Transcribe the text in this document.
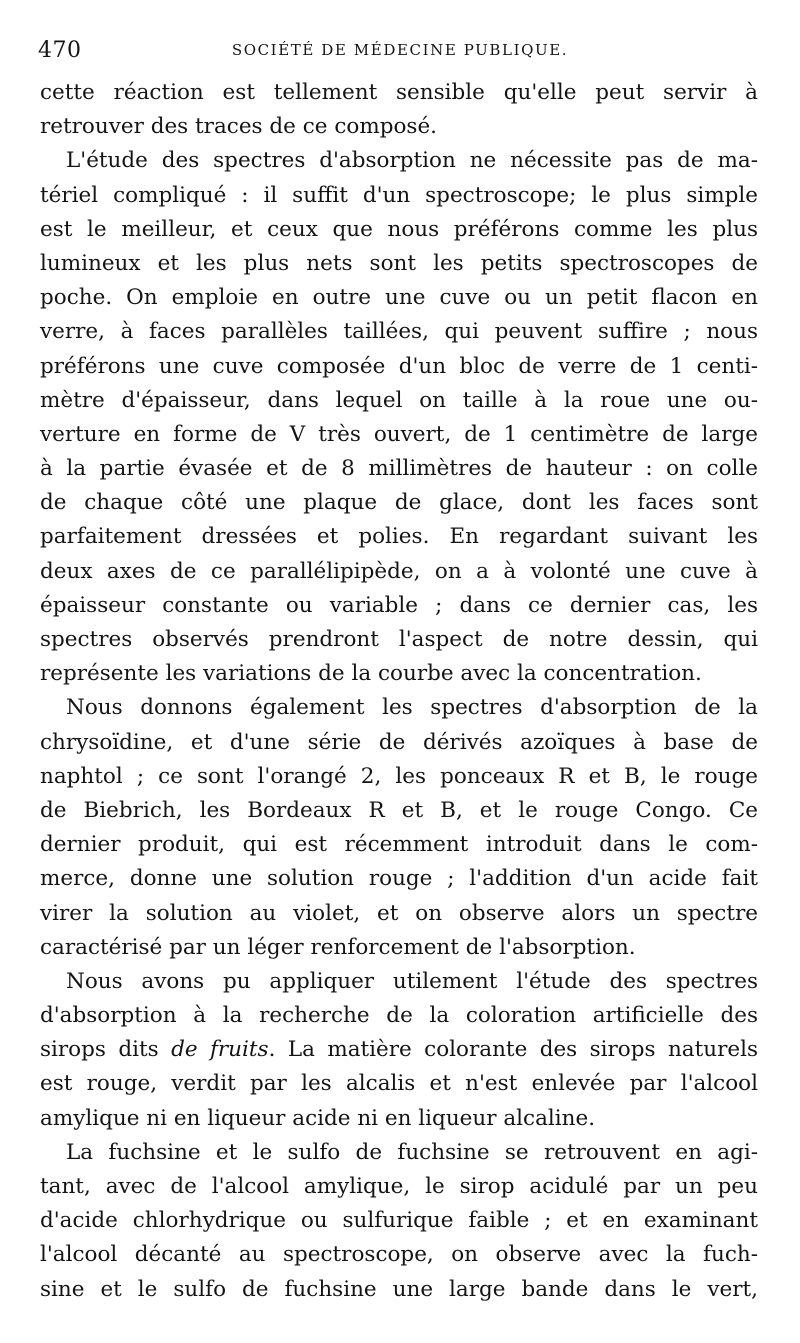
470	SOCIÉTÉ DE MÉDECINE PUBLIQUE.
cette réaction est tellement sensible qu'elle peut servir à
retrouver des traces de ce composé.
L'étude des spectres d'absorption ne nécessite pas de ma-
tériel compliqué : il suffit d'un spectroscope; le plus simple
est le meilleur, et ceux que nous préférons comme les plus
lumineux et les plus nets sont les petits spectroscopes de
poche. On emploie en outre une cuve ou un petit flacon en
verre, à faces parallèles taillées, qui peuvent suffire ; nous
préférons une cuve composée d'un bloc de verre de 1 centi-
mètre d'épaisseur, dans lequel on taille à la roue une ou-
verture en forme de V très ouvert, de 1 centimètre de large
à la partie évasée et de 8 millimètres de hauteur : on colle
de chaque côté une plaque de glace, dont les faces sont
parfaitement dressées et polies. En regardant suivant les
deux axes de ce parallélipipède, on a à volonté une cuve à
épaisseur constante ou variable ; dans ce dernier cas, les
spectres observés prendront l'aspect de notre dessin, qui
représente les variations de la courbe avec la concentration.
Nous donnons également les spectres d'absorption de la
chrysoïdine, et d'une série de dérivés azoïques à base de
naphtol ; ce sont l'orangé 2, les ponceaux R et B, le rouge
de Biebrich, les Bordeaux R et B, et le rouge Congo. Ce
dernier produit, qui est récemment introduit dans le com-
merce, donne une solution rouge ; l'addition d'un acide fait
virer la solution au violet, et on observe alors un spectre
caractérisé par un léger renforcement de l'absorption.
Nous avons pu appliquer utilement l'étude des spectres
d'absorption à la recherche de la coloration artificielle des
sirops dits de fruits. La matière colorante des sirops naturels
est rouge, verdit par les alcalis et n'est enlevée par l'alcool
amylique ni en liqueur acide ni en liqueur alcaline.
La fuchsine et le sulfo de fuchsine se retrouvent en agi-
tant, avec de l'alcool amylique, le sirop acidulé par un peu
d'acide chlorhydrique ou sulfurique faible ; et en examinant
l'alcool décanté au spectroscope, on observe avec la fuch-
sine et le sulfo de fuchsine une large bande dans le vert,
